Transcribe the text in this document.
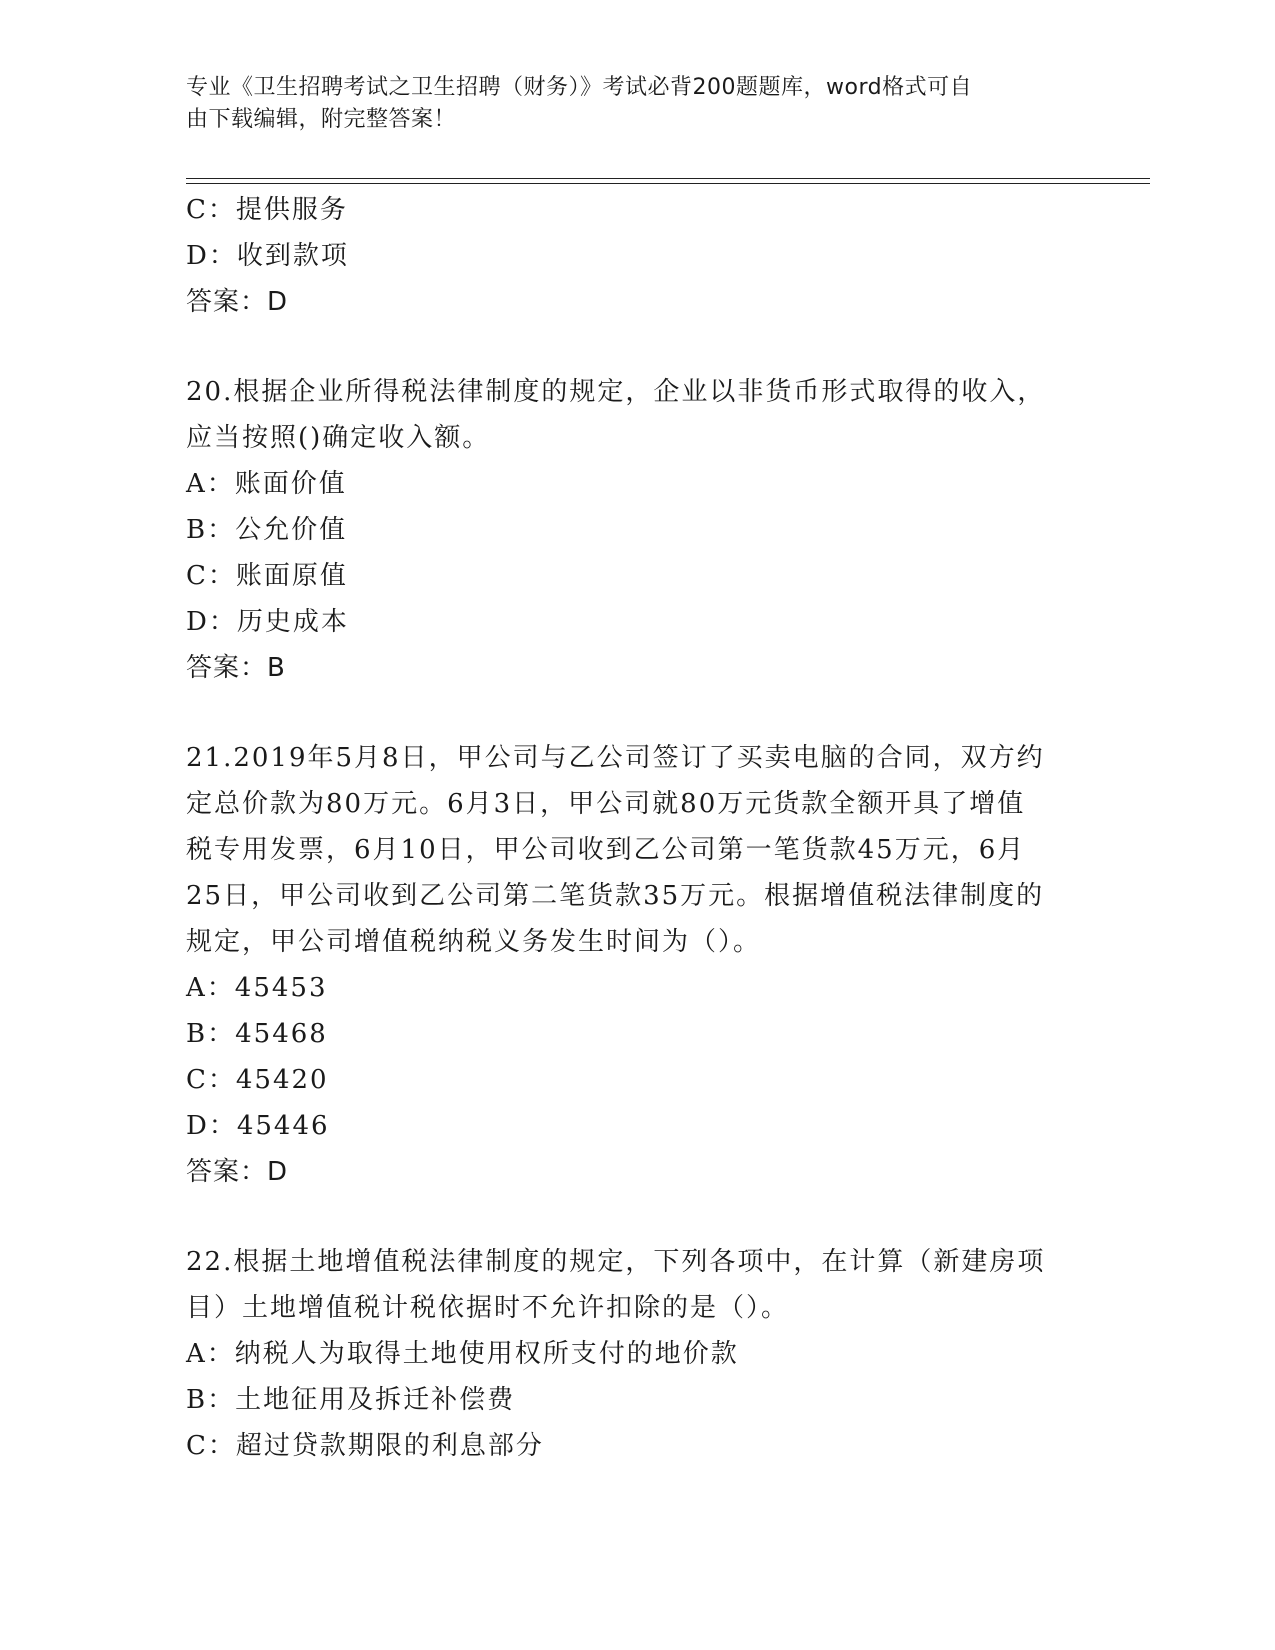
专业《卫生招聘考试之卫生招聘（财务）》考试必背200题题库，word格式可自
由下载编辑，附完整答案！
C：提供服务
D：收到款项
答案：D
20.根据企业所得税法律制度的规定，企业以非货币形式取得的收入，
应当按照()确定收入额。
A：账面价值
B：公允价值
C：账面原值
D：历史成本
答案：B
21.2019年5月8日，甲公司与乙公司签订了买卖电脑的合同，双方约
定总价款为80万元。6月3日，甲公司就80万元货款全额开具了增值
税专用发票，6月10日，甲公司收到乙公司第一笔货款45万元，6月
25日，甲公司收到乙公司第二笔货款35万元。根据增值税法律制度的
规定，甲公司增值税纳税义务发生时间为（）。
A：45453
B：45468
C：45420
D：45446
答案：D
22.根据土地增值税法律制度的规定，下列各项中，在计算（新建房项
目）土地增值税计税依据时不允许扣除的是（）。
A：纳税人为取得土地使用权所支付的地价款
B：土地征用及拆迁补偿费
C：超过贷款期限的利息部分
